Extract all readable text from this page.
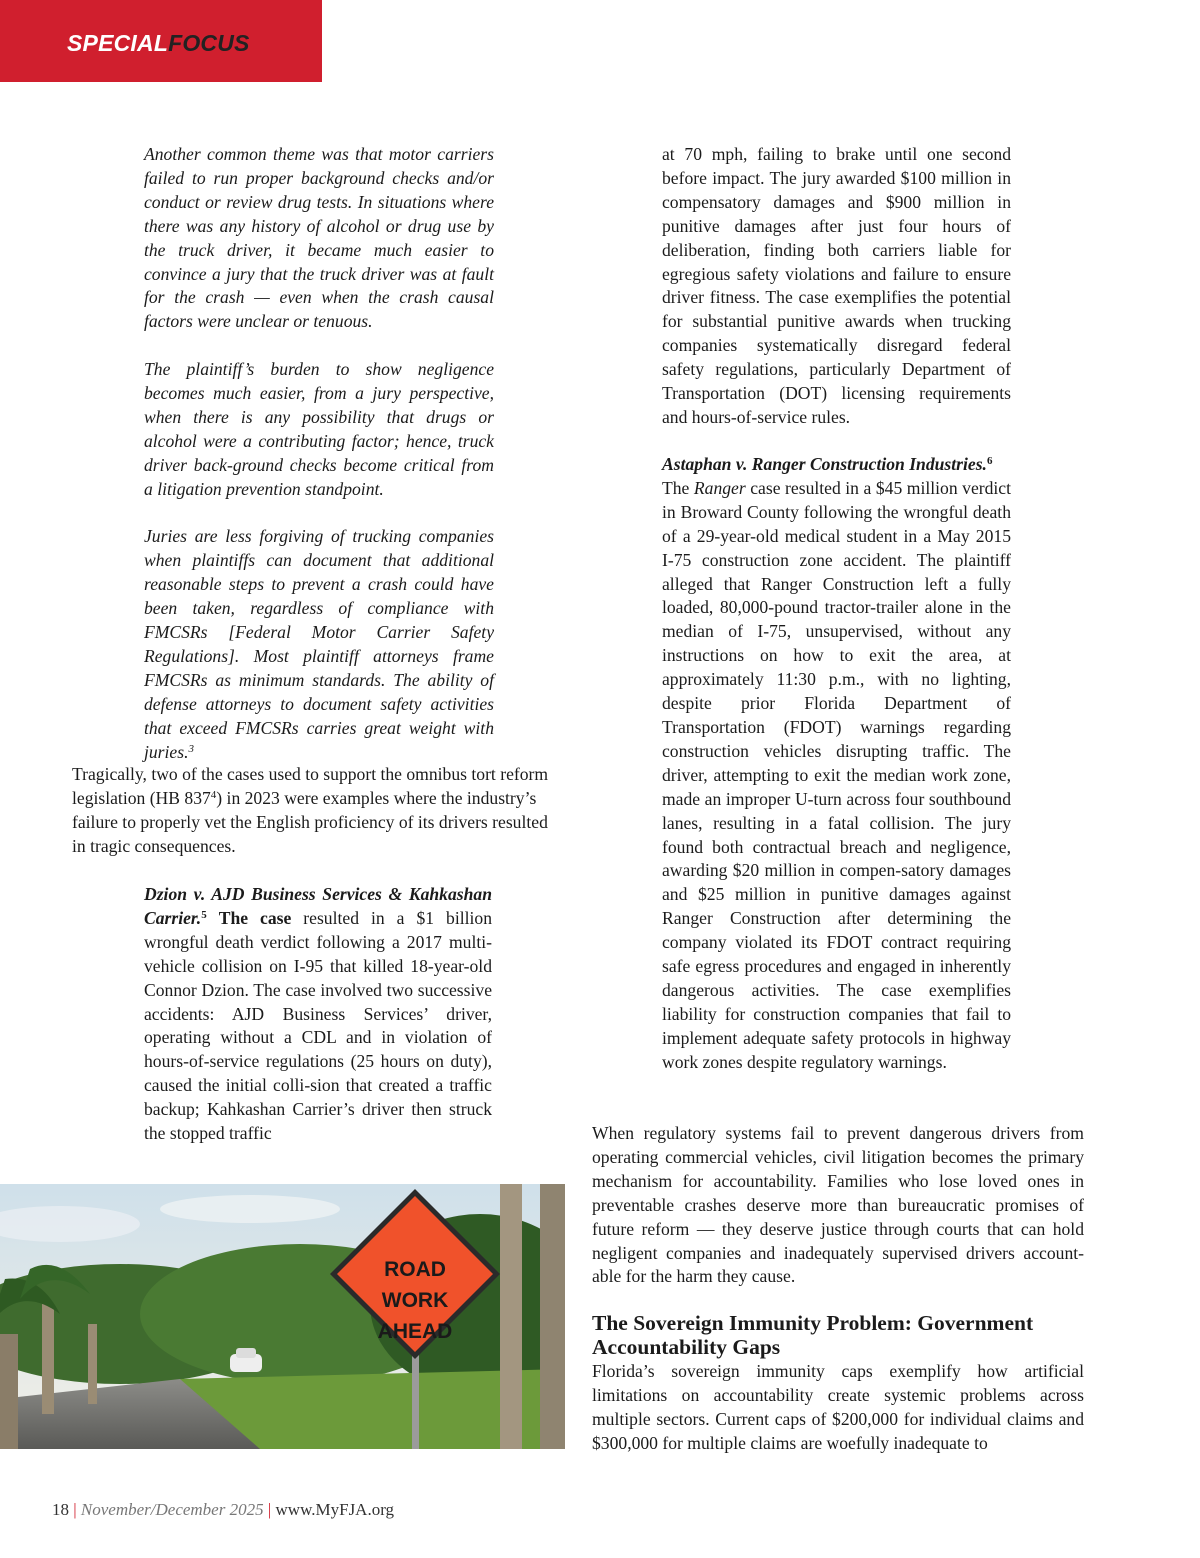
SPECIALFOCUS

Another common theme was that motor carriers failed to run proper background checks and/or conduct or review drug tests. In situations where there was any history of alcohol or drug use by the truck driver, it became much easier to convince a jury that the truck driver was at fault for the crash — even when the crash causal factors were unclear or tenuous.

The plaintiff’s burden to show negligence becomes much easier, from a jury perspective, when there is any possibility that drugs or alcohol were a contributing factor; hence, truck driver back-ground checks become critical from a litigation prevention standpoint.

Juries are less forgiving of trucking companies when plaintiffs can document that additional reasonable steps to prevent a crash could have been taken, regardless of compliance with FMCSRs [Federal Motor Carrier Safety Regulations]. Most plaintiff attorneys frame FMCSRs as minimum standards. The ability of defense attorneys to document safety activities that exceed FMCSRs carries great weight with juries.$^3$

Tragically, two of the cases used to support the omnibus tort reform legislation (HB $837^4$) in 2023 were examples where the industry’s failure to properly vet the English proficiency of its drivers resulted in tragic consequences.

Dzion v. AJD Business Services & Kahkashan Carrier.$^5$ The case resulted in a $1 billion wrongful death verdict following a 2017 multi-vehicle collision on I-95 that killed 18-year-old Connor Dzion. The case involved two successive accidents: AJD Business Services’ driver, operating without a CDL and in violation of hours-of-service regulations (25 hours on duty), caused the initial colli-sion that created a traffic backup; Kahkashan Carrier’s driver then struck the stopped traffic

at 70 mph, failing to brake until one second before impact. The jury awarded $100 million in compensatory damages and $900 million in punitive damages after just four hours of deliberation, finding both carriers liable for egregious safety violations and failure to ensure driver fitness. The case exemplifies the potential for substantial punitive awards when trucking companies systematically disregard federal safety regulations, particularly Department of Transportation (DOT) licensing requirements and hours-of-service rules.

Astaphan v. Ranger Construction Industries.$^6$
The Ranger case resulted in a $45 million verdict in Broward County following the wrongful death of a 29-year-old medical student in a May 2015 I-75 construction zone accident. The plaintiff alleged that Ranger Construction left a fully loaded, 80,000-pound tractor-trailer alone in the median of I-75, unsupervised, without any instructions on how to exit the area, at approximately 11:30 p.m., with no lighting, despite prior Florida Department of Transportation (FDOT) warnings regarding construction vehicles disrupting traffic. The driver, attempting to exit the median work zone, made an improper U-turn across four southbound lanes, resulting in a fatal collision. The jury found both contractual breach and negligence, awarding $20 million in compen-satory damages and $25 million in punitive damages against Ranger Construction after determining the company violated its FDOT contract requiring safe egress procedures and engaged in inherently dangerous activities. The case exemplifies liability for construction companies that fail to implement adequate safety protocols in highway work zones despite regulatory warnings.

When regulatory systems fail to prevent dangerous drivers from operating commercial vehicles, civil litigation becomes the primary mechanism for accountability. Families who lose loved ones in preventable crashes deserve more than bureaucratic promises of future reform — they deserve justice through courts that can hold negligent companies and inadequately supervised drivers account-able for the harm they cause.

The Sovereign Immunity Problem: Government Accountability Gaps

Florida’s sovereign immunity caps exemplify how artificial limitations on accountability create systemic problems across multiple sectors. Current caps of $200,000 for individual claims and $300,000 for multiple claims are woefully inadequate to

ROAD
WORK
AHEAD
18 | November/December 2025 | www.MyFJA.org
